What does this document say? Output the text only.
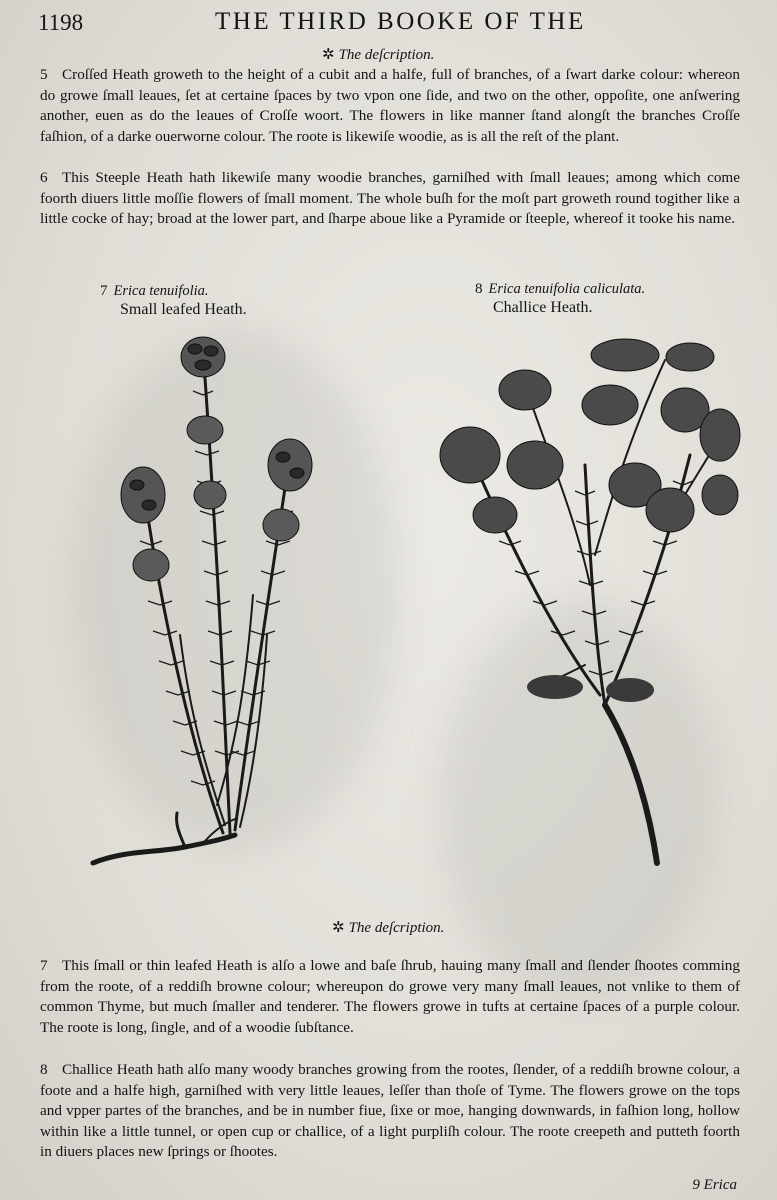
1198	THE THIRD BOOKE OF THE
✲ The deſcription.
5 Croſſed Heath groweth to the height of a cubit and a halfe, full of branches, of a ſwart darke colour: whereon do growe ſmall leaues, ſet at certaine ſpaces by two vpon one ſide, and two on the other, oppoſite, one anſwering another, euen as do the leaues of Croſſe woort. The flowers in like manner ſtand alongſt the branches Croſſe faſhion, of a darke ouerworne colour. The roote is likewiſe woodie, as is all the reſt of the plant.
6 This Steeple Heath hath likewiſe many woodie branches, garniſhed with ſmall leaues; among which come foorth diuers little moſſie flowers of ſmall moment. The whole buſh for the moſt part groweth round togither like a little cocke of hay; broad at the lower part, and ſharpe aboue like a Pyramide or ſteeple, whereof it tooke his name.
7 Erica tenuifolia.
Small leafed Heath.
8 Erica tenuifolia caliculata.
Challice Heath.
✲ The deſcription.
7 This ſmall or thin leafed Heath is alſo a lowe and baſe ſhrub, hauing many ſmall and ſlender ſhootes comming from the roote, of a reddiſh browne colour; whereupon do growe very many ſmall leaues, not vnlike to them of common Thyme, but much ſmaller and tenderer. The flowers growe in tufts at certaine ſpaces of a purple colour. The roote is long, ſingle, and of a woodie ſubſtance.
8 Challice Heath hath alſo many woody branches growing from the rootes, ſlender, of a reddiſh browne colour, a foote and a halfe high, garniſhed with very little leaues, leſſer than thoſe of Tyme. The flowers growe on the tops and vpper partes of the branches, and be in number fiue, ſixe or moe, hanging downwards, in faſhion long, hollow within like a little tunnel, or open cup or challice, of a light purpliſh colour. The roote creepeth and putteth foorth in diuers places new ſprings or ſhootes.
9 Erica
